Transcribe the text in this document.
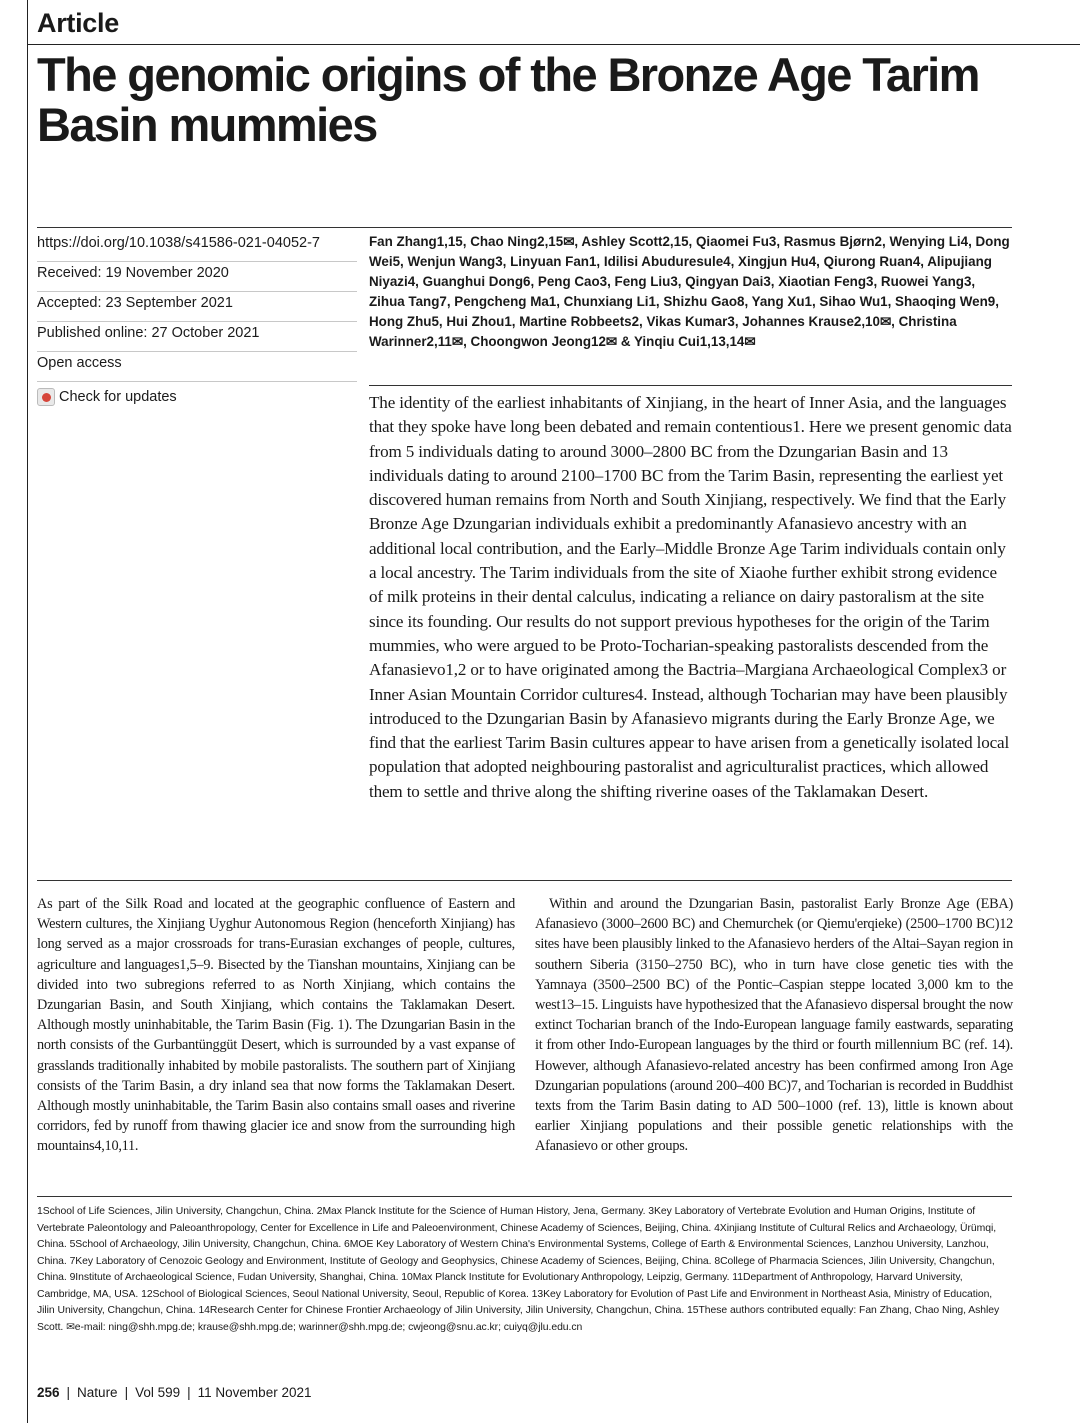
Article
The genomic origins of the Bronze Age Tarim Basin mummies
https://doi.org/10.1038/s41586-021-04052-7
Received: 19 November 2020
Accepted: 23 September 2021
Published online: 27 October 2021
Open access
Check for updates

Fan Zhang1,15, Chao Ning2,15✉, Ashley Scott2,15, Qiaomei Fu3, Rasmus Bjørn2, Wenying Li4, Dong Wei5, Wenjun Wang3, Linyuan Fan1, Idilisi Abuduresule4, Xingjun Hu4, Qiurong Ruan4, Alipujiang Niyazi4, Guanghui Dong6, Peng Cao3, Feng Liu3, Qingyan Dai3, Xiaotian Feng3, Ruowei Yang3, Zihua Tang7, Pengcheng Ma1, Chunxiang Li1, Shizhu Gao8, Yang Xu1, Sihao Wu1, Shaoqing Wen9, Hong Zhu5, Hui Zhou1, Martine Robbeets2, Vikas Kumar3, Johannes Krause2,10✉, Christina Warinner2,11✉, Choongwon Jeong12✉ & Yinqiu Cui1,13,14✉

The identity of the earliest inhabitants of Xinjiang, in the heart of Inner Asia, and the languages that they spoke have long been debated and remain contentious1. Here we present genomic data from 5 individuals dating to around 3000–2800 BC from the Dzungarian Basin and 13 individuals dating to around 2100–1700 BC from the Tarim Basin, representing the earliest yet discovered human remains from North and South Xinjiang, respectively. We find that the Early Bronze Age Dzungarian individuals exhibit a predominantly Afanasievo ancestry with an additional local contribution, and the Early–Middle Bronze Age Tarim individuals contain only a local ancestry. The Tarim individuals from the site of Xiaohe further exhibit strong evidence of milk proteins in their dental calculus, indicating a reliance on dairy pastoralism at the site since its founding. Our results do not support previous hypotheses for the origin of the Tarim mummies, who were argued to be Proto-Tocharian-speaking pastoralists descended from the Afanasievo1,2 or to have originated among the Bactria–Margiana Archaeological Complex3 or Inner Asian Mountain Corridor cultures4. Instead, although Tocharian may have been plausibly introduced to the Dzungarian Basin by Afanasievo migrants during the Early Bronze Age, we find that the earliest Tarim Basin cultures appear to have arisen from a genetically isolated local population that adopted neighbouring pastoralist and agriculturalist practices, which allowed them to settle and thrive along the shifting riverine oases of the Taklamakan Desert.

As part of the Silk Road and located at the geographic confluence of Eastern and Western cultures, the Xinjiang Uyghur Autonomous Region (henceforth Xinjiang) has long served as a major crossroads for trans-Eurasian exchanges of people, cultures, agriculture and languages1,5–9. Bisected by the Tianshan mountains, Xinjiang can be divided into two subregions referred to as North Xinjiang, which contains the Dzungarian Basin, and South Xinjiang, which contains the Taklamakan Desert. Although mostly uninhabitable, the Tarim Basin (Fig. 1). The Dzungarian Basin in the north consists of the Gurbantünggüt Desert, which is surrounded by a vast expanse of grasslands traditionally inhabited by mobile pastoralists. The southern part of Xinjiang consists of the Tarim Basin, a dry inland sea that now forms the Taklamakan Desert. Although mostly uninhabitable, the Tarim Basin also contains small oases and riverine corridors, fed by runoff from thawing glacier ice and snow from the surrounding high mountains4,10,11.

Within and around the Dzungarian Basin, pastoralist Early Bronze Age (EBA) Afanasievo (3000–2600 BC) and Chemurchek (or Qiemu'erqieke) (2500–1700 BC)12 sites have been plausibly linked to the Afanasievo herders of the Altai–Sayan region in southern Siberia (3150–2750 BC), who in turn have close genetic ties with the Yamnaya (3500–2500 BC) of the Pontic–Caspian steppe located 3,000 km to the west13–15. Linguists have hypothesized that the Afanasievo dispersal brought the now extinct Tocharian branch of the Indo-European language family eastwards, separating it from other Indo-European languages by the third or fourth millennium BC (ref. 14). However, although Afanasievo-related ancestry has been confirmed among Iron Age Dzungarian populations (around 200–400 BC)7, and Tocharian is recorded in Buddhist texts from the Tarim Basin dating to AD 500–1000 (ref. 13), little is known about earlier Xinjiang populations and their possible genetic relationships with the Afanasievo or other groups.

1School of Life Sciences, Jilin University, Changchun, China. 2Max Planck Institute for the Science of Human History, Jena, Germany. 3Key Laboratory of Vertebrate Evolution and Human Origins, Institute of Vertebrate Paleontology and Paleoanthropology, Center for Excellence in Life and Paleoenvironment, Chinese Academy of Sciences, Beijing, China. 4Xinjiang Institute of Cultural Relics and Archaeology, Ürümqi, China. 5School of Archaeology, Jilin University, Changchun, China. 6MOE Key Laboratory of Western China's Environmental Systems, College of Earth & Environmental Sciences, Lanzhou University, Lanzhou, China. 7Key Laboratory of Cenozoic Geology and Environment, Institute of Geology and Geophysics, Chinese Academy of Sciences, Beijing, China. 8College of Pharmacia Sciences, Jilin University, Changchun, China. 9Institute of Archaeological Science, Fudan University, Shanghai, China. 10Max Planck Institute for Evolutionary Anthropology, Leipzig, Germany. 11Department of Anthropology, Harvard University, Cambridge, MA, USA. 12School of Biological Sciences, Seoul National University, Seoul, Republic of Korea. 13Key Laboratory for Evolution of Past Life and Environment in Northeast Asia, Ministry of Education, Jilin University, Changchun, China. 14Research Center for Chinese Frontier Archaeology of Jilin University, Jilin University, Changchun, China. 15These authors contributed equally: Fan Zhang, Chao Ning, Ashley Scott. ✉e-mail: ning@shh.mpg.de; krause@shh.mpg.de; warinner@shh.mpg.de; cwjeong@snu.ac.kr; cuiyq@jlu.edu.cn

256 | Nature | Vol 599 | 11 November 2021
